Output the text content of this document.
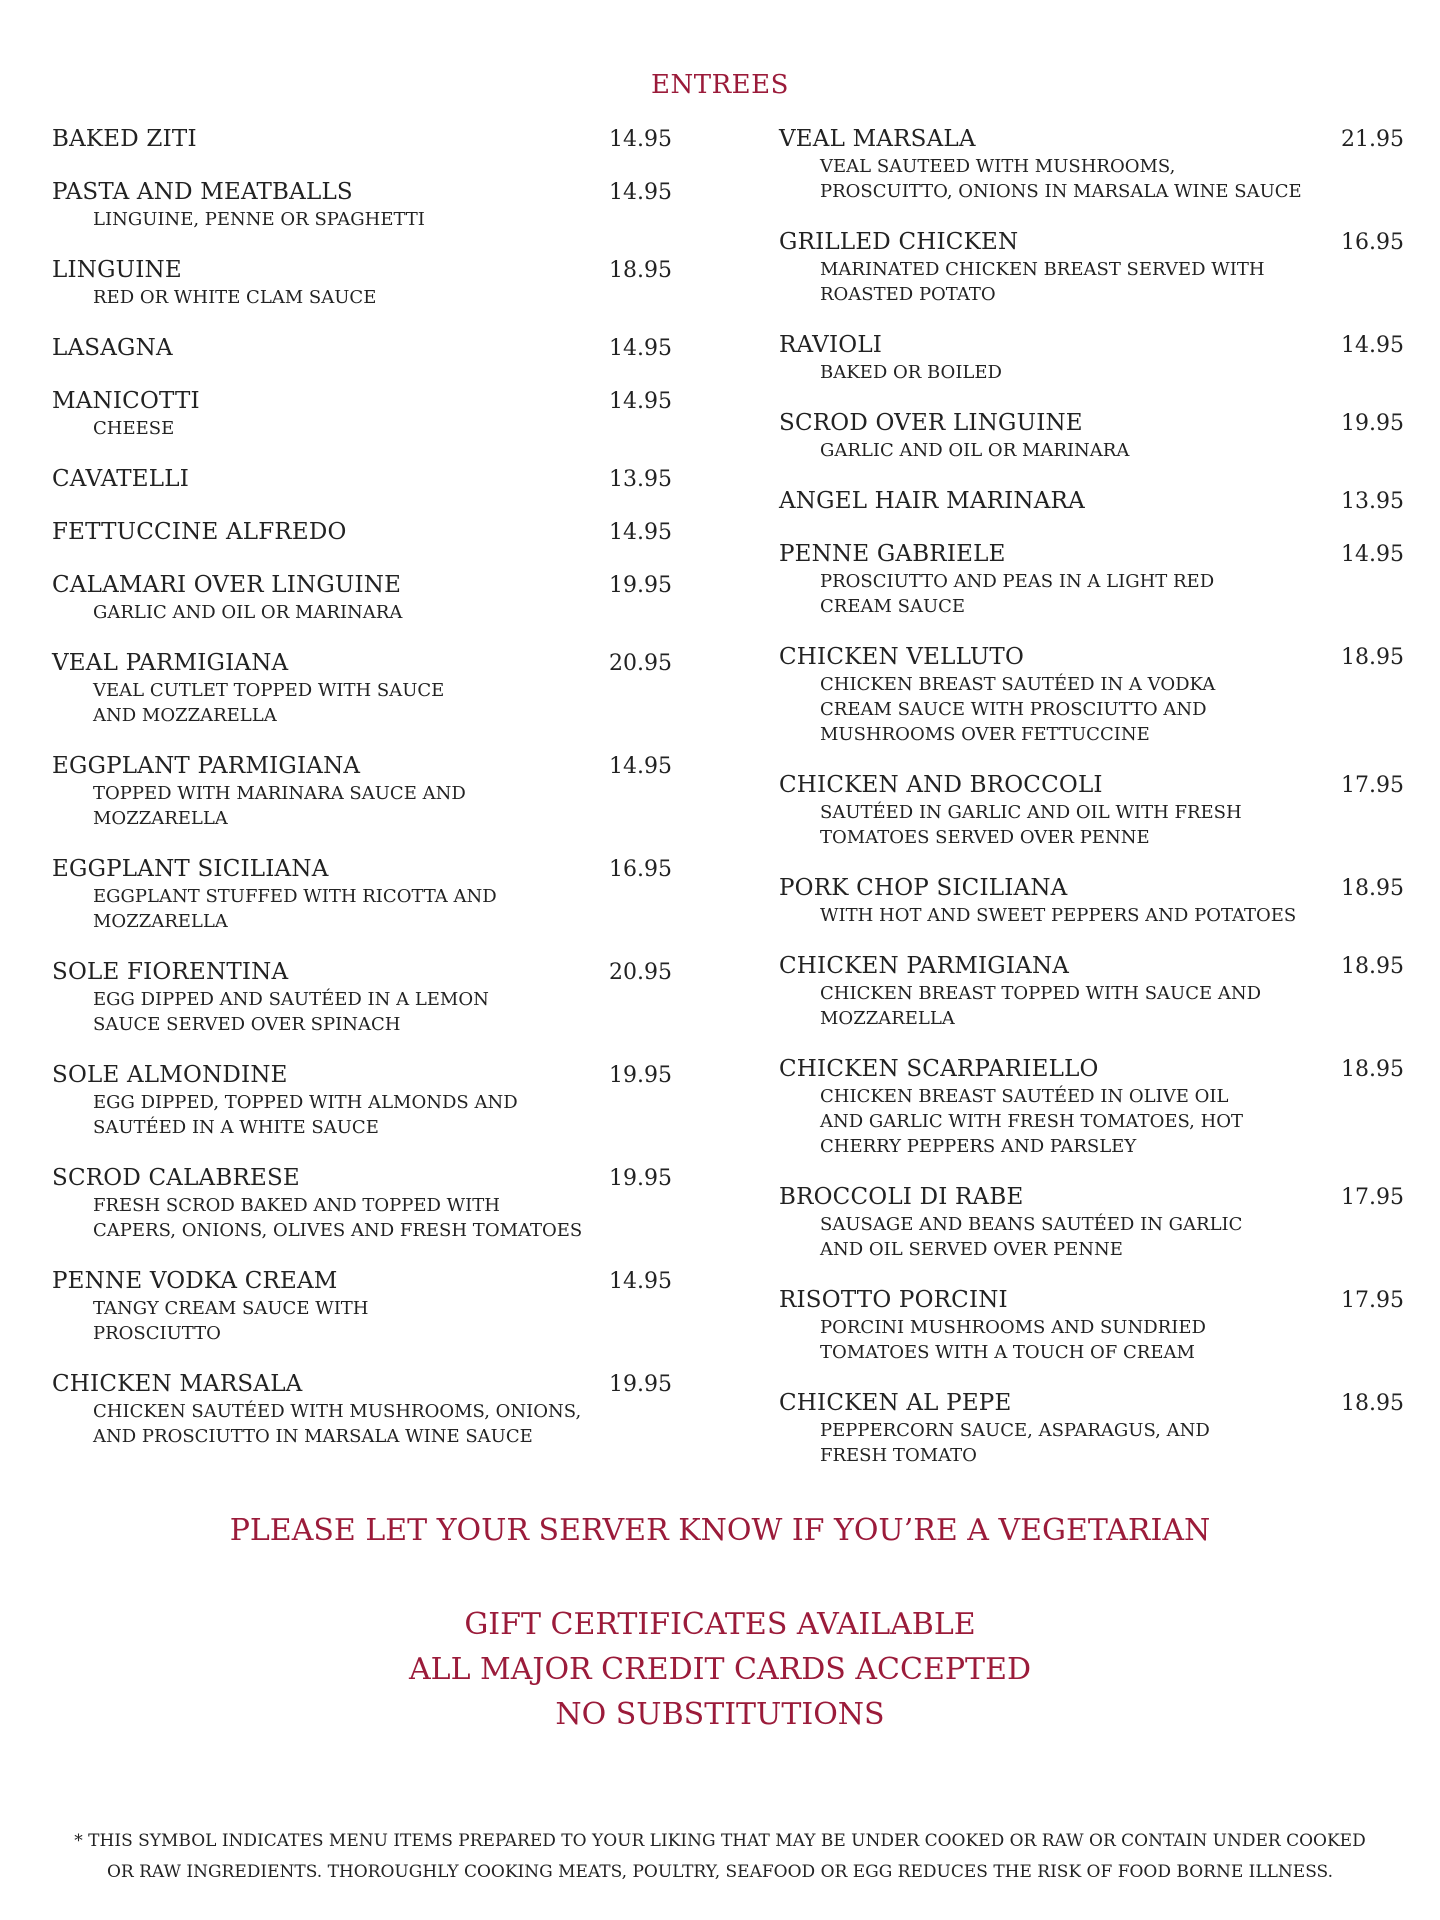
ENTREES
BAKED ZITI	14.95
PASTA AND MEATBALLS	14.95
LINGUINE, PENNE OR SPAGHETTI
LINGUINE	18.95
RED OR WHITE CLAM SAUCE
LASAGNA	14.95
MANICOTTI	14.95
CHEESE
CAVATELLI	13.95
FETTUCCINE ALFREDO	14.95
CALAMARI OVER LINGUINE	19.95
GARLIC AND OIL OR MARINARA
VEAL PARMIGIANA	20.95
VEAL CUTLET TOPPED WITH SAUCE
AND MOZZARELLA
EGGPLANT PARMIGIANA	14.95
TOPPED WITH MARINARA SAUCE AND
MOZZARELLA
EGGPLANT SICILIANA	16.95
EGGPLANT STUFFED WITH RICOTTA AND
MOZZARELLA
SOLE FIORENTINA	20.95
EGG DIPPED AND SAUTÉED IN A LEMON
SAUCE SERVED OVER SPINACH
SOLE ALMONDINE	19.95
EGG DIPPED, TOPPED WITH ALMONDS AND
SAUTÉED IN A WHITE SAUCE
SCROD CALABRESE	19.95
FRESH SCROD BAKED AND TOPPED WITH
CAPERS, ONIONS, OLIVES AND FRESH TOMATOES
PENNE VODKA CREAM	14.95
TANGY CREAM SAUCE WITH
PROSCIUTTO
CHICKEN MARSALA	19.95
CHICKEN SAUTÉED WITH MUSHROOMS, ONIONS,
AND PROSCIUTTO IN MARSALA WINE SAUCE
VEAL MARSALA	21.95
VEAL SAUTEED WITH MUSHROOMS,
PROSCUITTO, ONIONS IN MARSALA WINE SAUCE
GRILLED CHICKEN	16.95
MARINATED CHICKEN BREAST SERVED WITH
ROASTED POTATO
RAVIOLI	14.95
BAKED OR BOILED
SCROD OVER LINGUINE	19.95
GARLIC AND OIL OR MARINARA
ANGEL HAIR MARINARA	13.95
PENNE GABRIELE	14.95
PROSCIUTTO AND PEAS IN A LIGHT RED
CREAM SAUCE
CHICKEN VELLUTO	18.95
CHICKEN BREAST SAUTÉED IN A VODKA
CREAM SAUCE WITH PROSCIUTTO AND
MUSHROOMS OVER FETTUCCINE
CHICKEN AND BROCCOLI	17.95
SAUTÉED IN GARLIC AND OIL WITH FRESH
TOMATOES SERVED OVER PENNE
PORK CHOP SICILIANA	18.95
WITH HOT AND SWEET PEPPERS AND POTATOES
CHICKEN PARMIGIANA	18.95
CHICKEN BREAST TOPPED WITH SAUCE AND
MOZZARELLA
CHICKEN SCARPARIELLO	18.95
CHICKEN BREAST SAUTÉED IN OLIVE OIL
AND GARLIC WITH FRESH TOMATOES, HOT
CHERRY PEPPERS AND PARSLEY
BROCCOLI DI RABE	17.95
SAUSAGE AND BEANS SAUTÉED IN GARLIC
AND OIL SERVED OVER PENNE
RISOTTO PORCINI	17.95
PORCINI MUSHROOMS AND SUNDRIED
TOMATOES WITH A TOUCH OF CREAM
CHICKEN AL PEPE	18.95
PEPPERCORN SAUCE, ASPARAGUS, AND
FRESH TOMATO
PLEASE LET YOUR SERVER KNOW IF YOU’RE A VEGETARIAN
GIFT CERTIFICATES AVAILABLE
ALL MAJOR CREDIT CARDS ACCEPTED
NO SUBSTITUTIONS
* THIS SYMBOL INDICATES MENU ITEMS PREPARED TO YOUR LIKING THAT MAY BE UNDER COOKED OR RAW OR CONTAIN UNDER COOKED
OR RAW INGREDIENTS. THOROUGHLY COOKING MEATS, POULTRY, SEAFOOD OR EGG REDUCES THE RISK OF FOOD BORNE ILLNESS.
